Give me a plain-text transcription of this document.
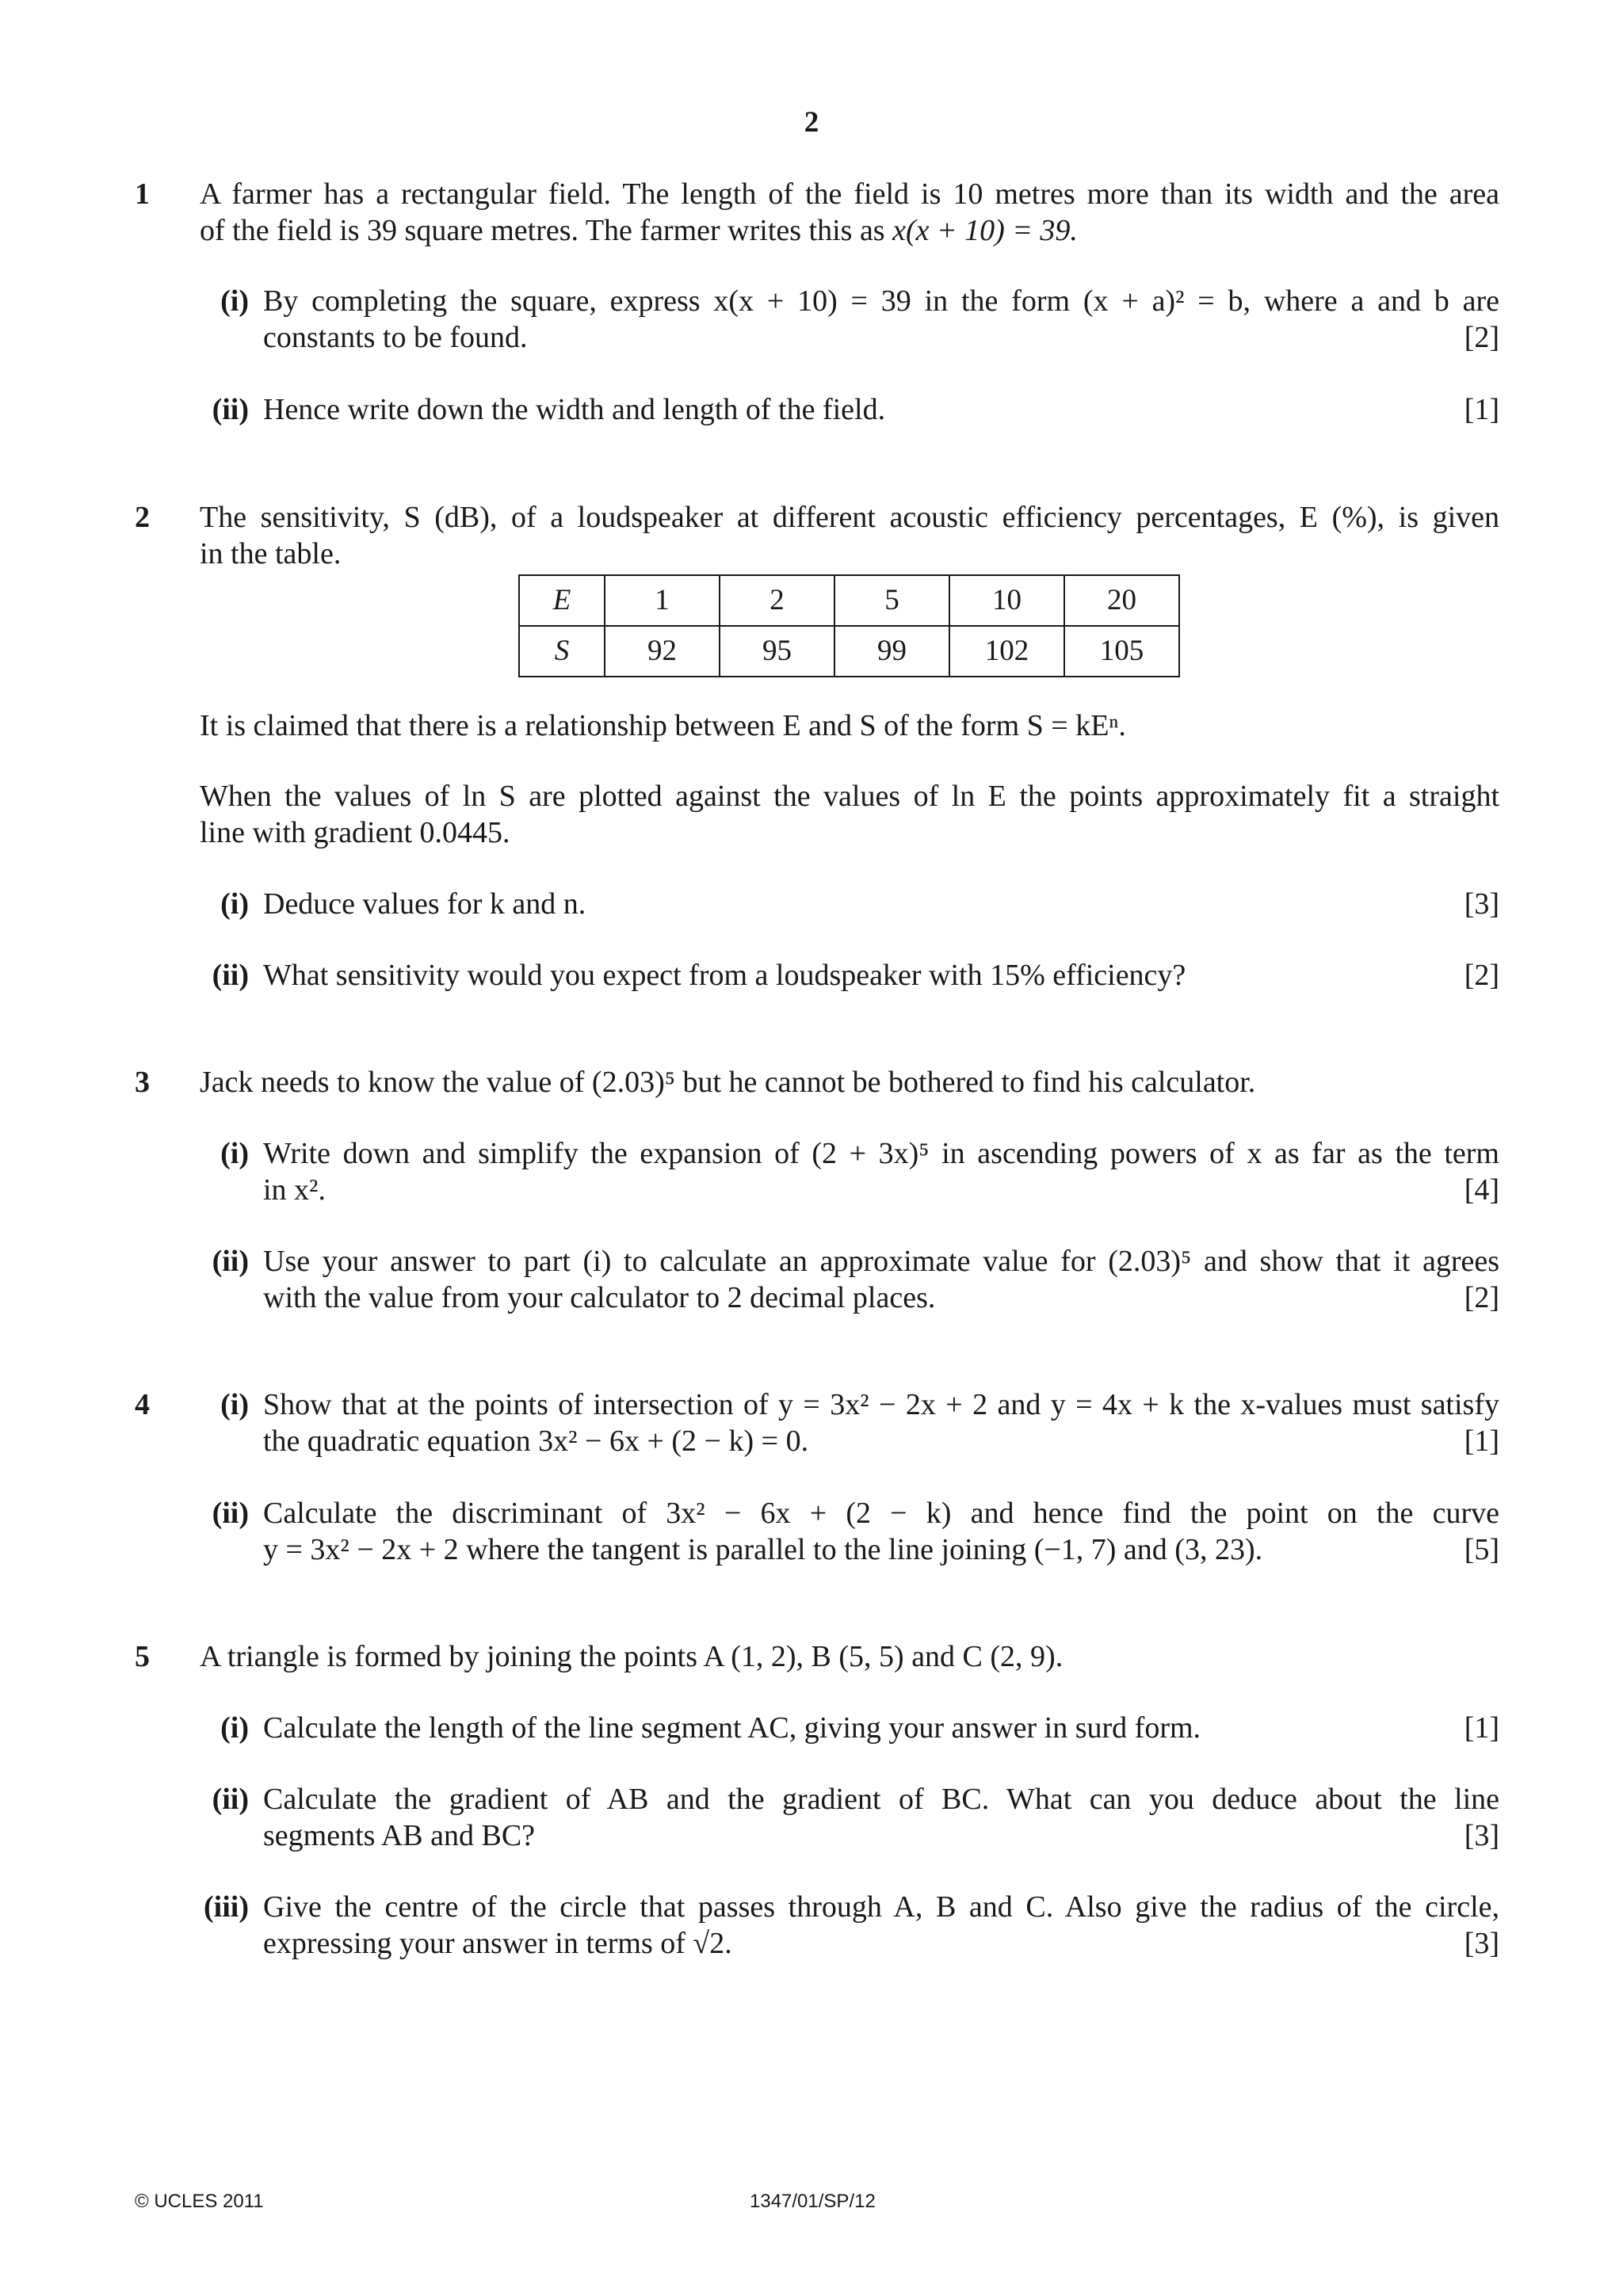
2
1 A farmer has a rectangular field. The length of the field is 10 metres more than its width and the area
of the field is 39 square metres. The farmer writes this as x(x + 10) = 39.
(i) By completing the square, express x(x + 10) = 39 in the form (x + a)² = b, where a and b are
constants to be found.	[2]
(ii) Hence write down the width and length of the field.	[1]
2 The sensitivity, S (dB), of a loudspeaker at different acoustic efficiency percentages, E (%), is given
in the table.
E	1	2	5	10	20
S	92	95	99	102	105
It is claimed that there is a relationship between E and S of the form S = kEⁿ.
When the values of ln S are plotted against the values of ln E the points approximately fit a straight
line with gradient 0.0445.
(i) Deduce values for k and n.	[3]
(ii) What sensitivity would you expect from a loudspeaker with 15% efficiency?	[2]
3 Jack needs to know the value of (2.03)⁵ but he cannot be bothered to find his calculator.
(i) Write down and simplify the expansion of (2 + 3x)⁵ in ascending powers of x as far as the term
in x².	[4]
(ii) Use your answer to part (i) to calculate an approximate value for (2.03)⁵ and show that it agrees
with the value from your calculator to 2 decimal places.	[2]
4	(i) Show that at the points of intersection of y = 3x² − 2x + 2 and y = 4x + k the x-values must satisfy
the quadratic equation 3x² − 6x + (2 − k) = 0.	[1]
(ii) Calculate the discriminant of 3x² − 6x + (2 − k) and hence find the point on the curve
y = 3x² − 2x + 2 where the tangent is parallel to the line joining (−1, 7) and (3, 23).	[5]
5 A triangle is formed by joining the points A (1, 2), B (5, 5) and C (2, 9).
(i) Calculate the length of the line segment AC, giving your answer in surd form.	[1]
(ii) Calculate the gradient of AB and the gradient of BC. What can you deduce about the line
segments AB and BC?	[3]
(iii) Give the centre of the circle that passes through A, B and C. Also give the radius of the circle,
expressing your answer in terms of √2.	[3]
© UCLES 2011	1347/01/SP/12
